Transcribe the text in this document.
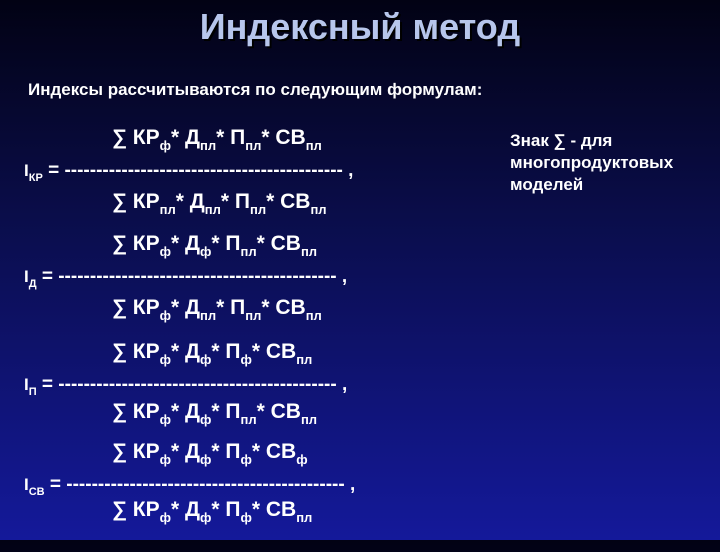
Индексный метод
Индексы рассчитываются по следующим формулам:
Знак ∑ - для многопродуктовых моделей
∑ КРф* Дпл* Ппл* СВпл
$I_{КР}$ = -------------------------------------------- ,
∑ КРпл* Дпл* Ппл* СВпл
∑ КРф* Дф* Ппл* СВпл
$I_Д$ = -------------------------------------------- ,
∑ КРф* Дпл* Ппл* СВпл
∑ КРф* Дф* Пф* СВпл
$I_П$ = -------------------------------------------- ,
∑ КРф* Дф* Ппл* СВпл
∑ КРф* Дф* Пф* СВф
$I_{СВ}$ = -------------------------------------------- ,
∑ КРф* Дф* Пф* СВпл
